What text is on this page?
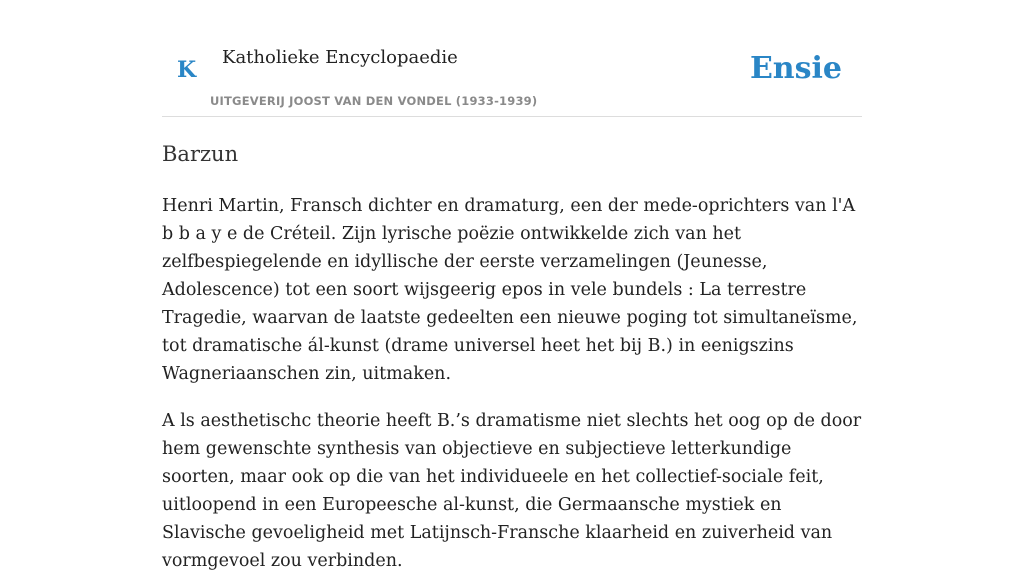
K Katholieke Encyclopaedie
UITGEVERIJ JOOST VAN DEN VONDEL (1933-1939)
Ensie
Barzun

Henri Martin, Fransch dichter en dramaturg, een der mede-oprichters van l'A b b a y e de Créteil. Zijn lyrische poëzie ontwikkelde zich van het zelfbespiegelende en idyllische der eerste verzamelingen (Jeunesse, Adolescence) tot een soort wijsgeerig epos in vele bundels : La terrestre Tragedie, waarvan de laatste gedeelten een nieuwe poging tot simultaneïsme, tot dramatische ál-kunst (drame universel heet het bij B.) in eenigszins Wagneriaanschen zin, uitmaken.

A ls aesthetischc theorie heeft B.’s dramatisme niet slechts het oog op de door hem gewenschte synthesis van objectieve en subjectieve letterkundige soorten, maar ook op die van het individueele en het collectief-sociale feit, uitloopend in een Europeesche al-kunst, die Germaansche mystiek en Slavische gevoeligheid met Latijnsch-Fransche klaarheid en zuiverheid van vormgevoel zou verbinden.
